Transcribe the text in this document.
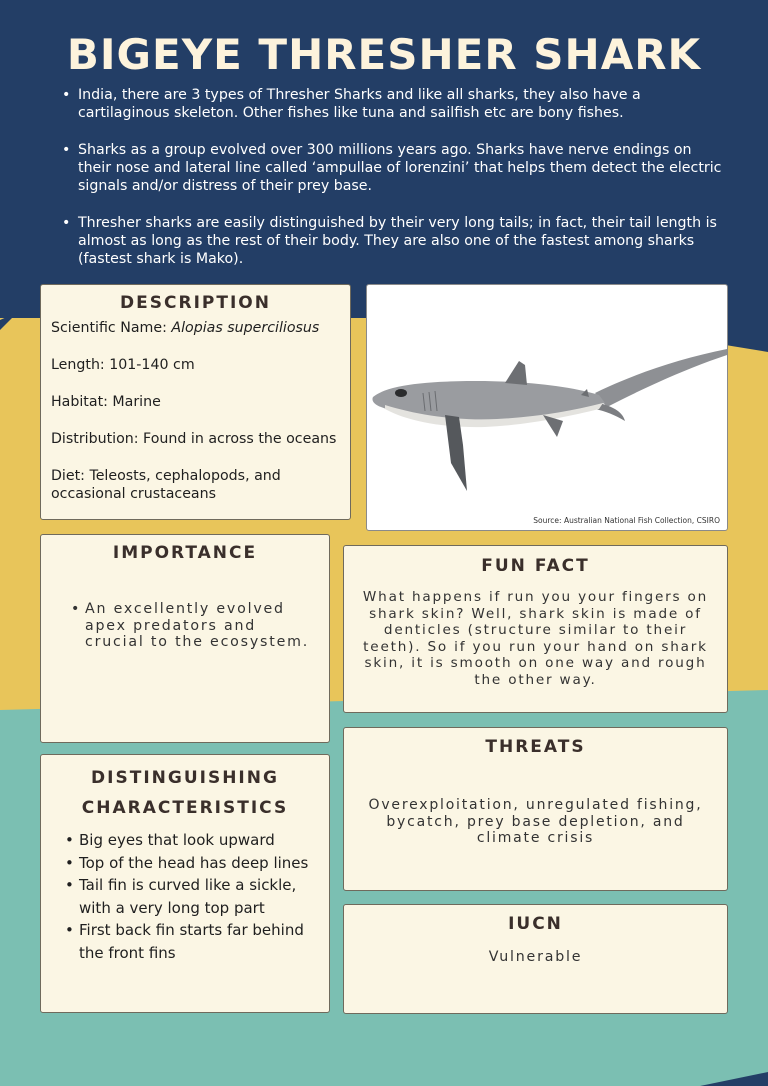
BIGEYE THRESHER SHARK
• India, there are 3 types of Thresher Sharks and like all sharks, they also have a cartilaginous skeleton. Other fishes like tuna and sailfish etc are bony fishes.
• Sharks as a group evolved over 300 millions years ago. Sharks have nerve endings on their nose and lateral line called ‘ampullae of lorenzini’ that helps them detect the electric signals and/or distress of their prey base.
• Thresher sharks are easily distinguished by their very long tails; in fact, their tail length is almost as long as the rest of their body. They are also one of the fastest among sharks (fastest shark is Mako).
DESCRIPTION
Scientific Name: Alopias superciliosus
Length: 101-140 cm
Habitat: Marine
Distribution: Found in across the oceans
Diet: Teleosts, cephalopods, and occasional crustaceans
Source: Australian National Fish Collection, CSIRO
IMPORTANCE
• An excellently evolved apex predators and crucial to the ecosystem.
DISTINGUISHING
CHARACTERISTICS
• Big eyes that look upward
• Top of the head has deep lines
• Tail fin is curved like a sickle, with a very long top part
• First back fin starts far behind the front fins
FUN FACT
What happens if run you your fingers on shark skin? Well, shark skin is made of denticles (structure similar to their teeth). So if you run your hand on shark skin, it is smooth on one way and rough the other way.
THREATS
Overexploitation, unregulated fishing, bycatch, prey base depletion, and climate crisis
IUCN
Vulnerable
